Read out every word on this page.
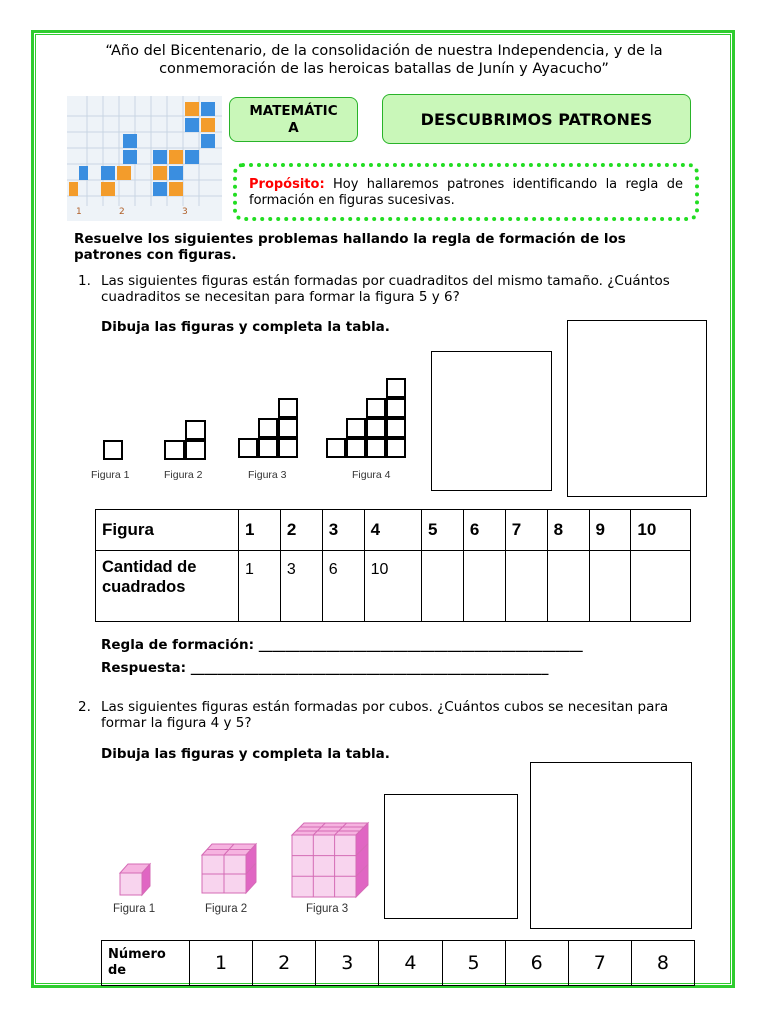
“Año del Bicentenario, de la consolidación de nuestra Independencia, y de la conmemoración de las heroicas batallas de Junín y Ayacucho”
1	2	3
MATEMÁTIC A	DESCUBRIMOS PATRONES
Propósito: Hoy hallaremos patrones identificando la regla de formación en figuras sucesivas.
Resuelve los siguientes problemas hallando la regla de formación de los patrones con figuras.
1. Las siguientes figuras están formadas por cuadraditos del mismo tamaño. ¿Cuántos cuadraditos se necesitan para formar la figura 5 y 6?
Dibuja las figuras y completa la tabla.
Figura 1	Figura 2	Figura 3	Figura 4
Figura	1	2	3	4	5	6	7	8	9	10
Cantidad de cuadrados	1	3	6	10						
Regla de formación: ________________________________________________
Respuesta: _____________________________________________________
2. Las siguientes figuras están formadas por cubos. ¿Cuántos cubos se necesitan para formar la figura 4 y 5?
Dibuja las figuras y completa la tabla.
Figura 1	Figura 2	Figura 3
Número de	1	2	3	4	5	6	7	8
